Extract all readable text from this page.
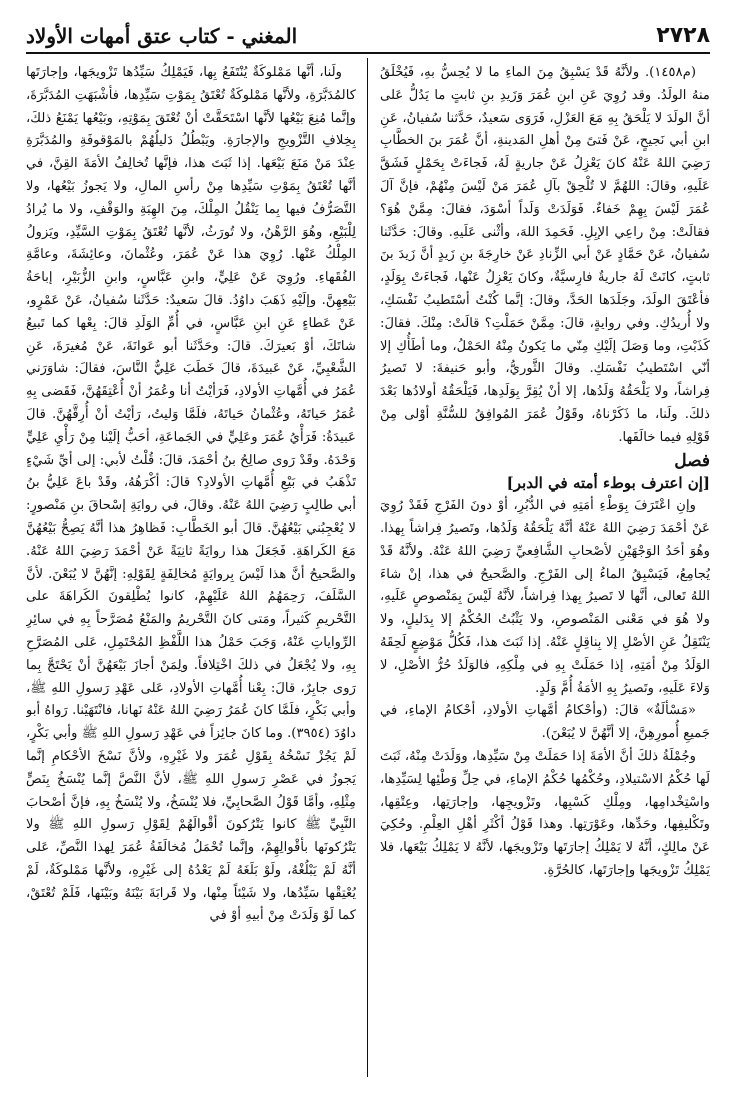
٢٧٢٨
المغني - كتاب عتق أمهات الأولاد

(م١٤٥٨). ولأنَّهُ قَدْ يَسْبِقُ مِنَ الماءِ ما لا يُحِسُّ بهِ، فَيُخْلَقُ منهُ الولَدُ. وقد رُوِيَ عَنِ ابنِ عُمَرَ وَزَيدِ بنِ ثابتٍ ما يَدُلُّ عَلى أنَّ الولَدَ لا يَلْحَقُ بِهِ مَعَ العَزْلِ، فَرَوَى سَعيدٌ، حَدَّثنا سُفيانُ، عَنِ ابنِ أبي نَجيحٍ، عَنْ فَتىً مِنْ أهلِ المَدينةِ، أنَّ عُمَرَ بنَ الخطَّابِ رَضِيَ اللهُ عَنْهُ كانَ يَعْزِلُ عَنْ جاريةٍ لَهُ، فَجاءَتْ بِحَمْلٍ فَشَقَّ عَلَيهِ، وقالَ: اللهُمَّ لا تُلْحِقْ بآلِ عُمَرَ مَنْ لَيْسَ مِنْهُمْ، فإنَّ آلَ عُمَرَ لَيْسَ بِهِمْ خَفاءٌ. فَوَلَدَتْ وَلَداً أسْوَدَ، فقالَ: مِمَّنْ هُوَ؟ فقالَتْ: مِنْ راعِي الإبِلِ. فَحَمِدَ اللهَ، وأثْنى عَلَيهِ. وقالَ: حَدَّثَنا سُفيانُ، عَنْ حَمَّادٍ عَنْ أبي الزِّنادِ عَنْ خارِجَةَ بنِ زَيدٍ أنَّ زَيدَ بنَ ثابتٍ، كانَتْ لَهُ جاريةٌ فارِسيَّةٌ، وكانَ يَعْزِلُ عَنْها، فَجاءَتْ بِوَلَدٍ، فأعْتَقَ الولَدَ، وجَلَدَها الحَدَّ، وقالَ: إنَّما كُنْتُ أسْتَطيبُ نَفْسَكِ، ولا أُريدُكِ. وفي روايةٍ، قالَ: مِمَّنْ حَمَلْتِ؟ قالَتْ: مِنْكَ. فقالَ: كَذَبْتِ، وما وَصَلَ إلَيْكِ مِنّي ما يَكونُ مِنْهُ الحَمْلُ، وما أطَأُكِ إلا أنّي اسْتَطيبُ نَفْسَكِ. وقالَ الثَّوريُّ، وأبو حَنيفةَ: لا تَصيرُ فِراشاً، ولا يَلْحَقُهُ وَلَدُها، إلا أنْ يُقِرَّ بِوَلَدِها، فَيَلْحَقُهُ أولادُها بَعْدَ ذلكَ. ولَنا، ما ذَكَرْناهُ، وقَوْلُ عُمَرَ المُوافِقُ للسُّنَّةِ أوْلى مِنْ قَوْلِهِ فيما خالَفَها.

فصل

[إن اعترف بوطء أمته في الدبر]

وإنِ اعْتَرَفَ بِوَطْءِ أمَتِهِ في الدُّبُرِ، أوْ دونَ الفَرْجِ فَقَدْ رُوِيَ عَنْ أحْمَدَ رَضِيَ اللهُ عَنْهُ أنَّهُ يَلْحَقُهُ وَلَدُها، وتَصيرُ فِراشاً بِهذا. وهُوَ أحَدُ الوَجْهَيْنِ لأصْحابِ الشَّافِعيِّ رَضِيَ اللهُ عَنْهُ. ولأنَّهُ قَدْ يُجامِعُ، فَيَسْبِقُ الماءُ إلى الفَرْجِ. والصَّحيحُ في هذا، إنْ شاءَ اللهُ تَعالى، أنَّها لا تَصيرُ بِهذا فِراشاً، لأنَّهُ لَيْسَ بِمَنْصوصٍ عَلَيهِ، ولا هُوَ في مَعْنى المَنْصوصِ، ولا يَثْبُتُ الحُكْمُ إلا بِدَليلٍ، ولا يَنْتَقِلُ عَنِ الأصْلِ إلا بِناقِلٍ عَنْهُ. إذا ثَبَتَ هذا، فَكُلُّ مَوْضِعٍ لَحِقَهُ الوَلَدُ مِنْ أمَتِهِ، إذا حَمَلَتْ بِهِ في مِلْكِهِ، فالوَلَدُ حُرُّ الأصْلِ، لا وَلاءَ عَلَيهِ، وتَصيرُ بِهِ الأمَةُ أُمَّ وَلَدٍ.

«مَسْألَةٌ» قالَ: (وأحْكامُ أمَّهاتِ الأولادِ، أحْكامُ الإماءِ، في جَميعِ أُمورِهِنَّ، إلا أنَّهُنَّ لا يُبَعْنَ).

وجُمْلَةُ ذلكَ أنَّ الأمَةَ إذا حَمَلَتْ مِنْ سَيِّدِها، ووَلَدَتْ مِنْهُ، ثَبَتَ لَها حُكْمُ الاسْتيلادِ، وحُكْمُها حُكْمُ الإماءِ، في حِلِّ وَطْئِها لِسَيِّدِها، واسْتِخْدامِها، ومِلْكِ كَسْبِها، وتَزْويجِها، وإجارَتِها، وعِتْقِها، وتَكْليفِها، وحَدِّها، وعَوْرَتِها. وهذا قَوْلُ أكْثَرِ أهْلِ العِلْمِ. وحُكِيَ عَنْ مالِكٍ، أنَّهُ لا يَمْلِكُ إجارَتَها وتَزْويجَها، لأنَّهُ لا يَمْلِكُ بَيْعَها، فلا يَمْلِكُ تَزْويجَها وإجارَتَها، كالحُرَّةِ.

ولَنا، أنَّها مَمْلوكَةٌ يُنْتَفَعُ بِها، فَيَمْلِكُ سَيِّدُها تَزْويجَها، وإجارَتَها كالمُدَبَّرَةِ، ولأنَّها مَمْلوكَةٌ تُعْتَقُ بِمَوْتِ سَيِّدِها، فأشْبَهَتِ المُدَبَّرَةَ، وإنَّما مُنِعَ بَيْعُها لأنَّها اسْتَحَقَّتْ أنْ تُعْتَقَ بِمَوْتِهِ، وبَيْعُها يَمْنَعُ ذلكَ، بِخِلافِ التَّزْويجِ والإجارَةِ. ويَبْطُلُ دَليلُهُمْ بالمَوْقوفَةِ والمُدَبَّرَةِ عِنْدَ مَنْ مَنَعَ بَيْعَها. إذا ثَبَتَ هذا، فإنَّها تُخالِفُ الأمَةَ القِنَّ، في أنَّها تُعْتَقُ بِمَوْتِ سَيِّدِها مِنْ رأسِ المالِ، ولا يَجوزُ بَيْعُها، ولا التَّصَرُّفُ فيها بِما يَنْقُلُ المِلْكَ، مِنَ الهِبَةِ والوَقْفِ، ولا ما يُرادُ لِلْبَيْعِ، وهُوَ الرَّهْنُ، ولا تُورَثُ، لأنَّها تُعْتَقُ بِمَوْتِ السَّيِّدِ، ويَزولُ المِلْكُ عَنْها. رُوِيَ هذا عَنْ عُمَرَ، وعُثْمانَ، وعائِشَةَ، وعامَّةِ الفُقَهاءِ. ورُوِيَ عَنْ عَلِيٍّ، وابنِ عَبَّاسٍ، وابنِ الزُّبَيْرِ، إباحَةُ بَيْعِهِنَّ. وإلَيْهِ ذَهَبَ داوُدُ. قالَ سَعيدٌ: حَدَّثَنا سُفيانُ، عَنْ عَمْرٍو، عَنْ عَطاءٍ عَنِ ابنِ عَبَّاسٍ، في أُمِّ الوَلَدِ قالَ: بِعْها كما تَبيعُ شاتَكَ، أوْ بَعيرَكَ. قالَ: وحَدَّثَنا أبو عَوانَةَ، عَنْ مُغيرَةَ، عَنِ الشَّعْبِيِّ، عَنْ عَبيدَةَ، قالَ خَطَبَ عَلِيٌّ النَّاسَ، فقالَ: شاوَرَني عُمَرُ في أُمَّهاتِ الأولادِ، فَرَأيْتُ أنا وعُمَرُ أنْ أُعْتِقَهُنَّ، فَقَضى بِهِ عُمَرُ حَياتَهُ، وعُثْمانُ حَياتَهُ، فلَمَّا وَليتُ، رَأيْتُ أنْ أُرِقَّهُنَّ. قالَ عَبيدَةُ: فَرَأْيُ عُمَرَ وعَلِيٍّ في الجَماعَةِ، أحَبُّ إلَيْنا مِنْ رَأْيِ عَلِيٍّ وَحْدَهُ. وقَدْ رَوى صالِحُ بنُ أحْمَدَ، قالَ: قُلْتُ لأبي: إلى أيِّ شَيْءٍ تَذْهَبُ في بَيْعِ أُمَّهاتِ الأولادِ؟ قالَ: أكْرَهُهُ، وقَدْ باعَ عَلِيُّ بنُ أبي طالِبٍ رَضِيَ اللهُ عَنْهُ. وقالَ، في روايَةِ إسْحاقَ بنِ مَنْصورٍ: لا يُعْجِبُني بَيْعُهُنَّ. قالَ أبو الخَطَّابِ: فَظاهِرُ هذا أنَّهُ يَصِحُّ بَيْعُهُنَّ مَعَ الكَراهَةِ. فَجَعَلَ هذا روايَةً ثانِيَةً عَنْ أحْمَدَ رَضِيَ اللهُ عَنْهُ. والصَّحيحُ أنَّ هذا لَيْسَ بِروايَةٍ مُخالِفَةٍ لِقَوْلِهِ: إنَّهُنَّ لا يُبَعْنَ. لأنَّ السَّلَفَ، رَحِمَهُمُ اللهُ عَلَيْهِمْ، كانوا يُطْلِقونَ الكَراهَةَ على التَّحْريمِ كَثيراً، ومَتى كانَ التَّحْريمُ والمَنْعُ مُصَرَّحاً بِهِ في سائِرِ الرِّواياتِ عَنْهُ، وَجَبَ حَمْلُ هذا اللَّفْظِ المُحْتَمِلِ، عَلى المُصَرَّحِ بِهِ، ولا يُجْعَلُ في ذلكَ اخْتِلافاً. ولِمَنْ أجازَ بَيْعَهُنَّ أنْ يَحْتَجَّ بِما رَوى جابِرٌ، قالَ: بِعْنا أُمَّهاتِ الأولادِ، عَلى عَهْدِ رَسولِ اللهِ ﷺ، وأبي بَكْرٍ، فلَمَّا كانَ عُمَرُ رَضِيَ اللهُ عَنْهُ نَهانا، فانْتَهَيْنا. رَواهُ أبو داوُدَ (٣٩٥٤). وما كانَ جائِزاً في عَهْدِ رَسولِ اللهِ ﷺ وأبي بَكْرٍ، لَمْ يَجُزْ نَسْخُهُ بِقَوْلِ عُمَرَ ولا غَيْرِهِ، ولأنَّ نَسْخَ الأحْكامِ إنَّما يَجوزُ في عَصْرِ رَسولِ اللهِ ﷺ، لأنَّ النَّصَّ إنَّما يُنْسَخُ بِنَصٍّ مِثْلِهِ، وأمَّا قَوْلُ الصَّحابِيِّ، فلا يُنْسَخُ، ولا يُنْسَخُ بِهِ، فإنَّ أصْحابَ النَّبِيِّ ﷺ كانوا يَتْرُكونَ أقْوالَهُمْ لِقَوْلِ رَسولِ اللهِ ﷺ ولا يَتْرُكونَها بأقْوالِهِمْ، وإنَّما تُحْمَلُ مُخالَفَةُ عُمَرَ لِهذا النَّصِّ، عَلى أنَّهُ لَمْ يَبْلُغْهُ، ولَوْ بَلَغَهُ لَمْ يَعْدُهُ إلى غَيْرِهِ، ولأنَّها مَمْلوكَةٌ، لَمْ يُعْتِقْها سَيِّدُها، ولا شَيْئاً مِنْها، ولا قَرابَةَ بَيْنَهُ وبَيْنَها، فَلَمْ تُعْتَقْ، كما لَوْ وَلَدَتْ مِنْ أبيهِ أوْ في
